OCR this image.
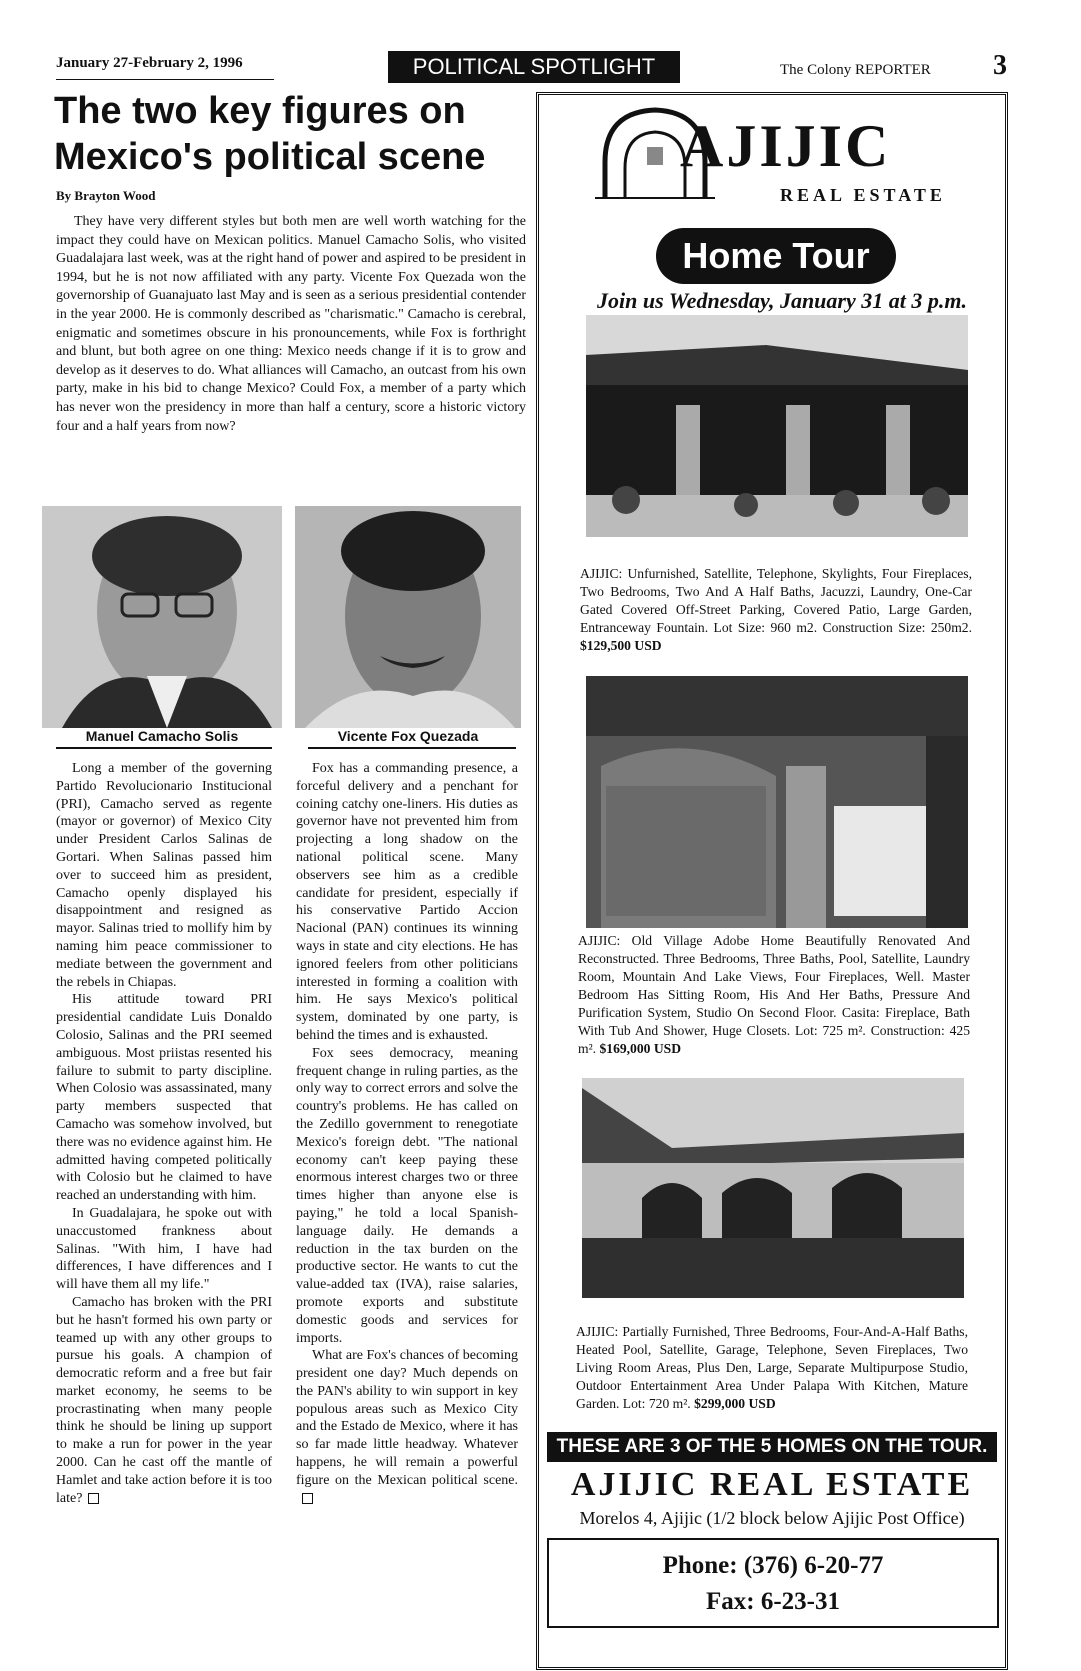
January 27-February 2, 1996	POLITICAL SPOTLIGHT	The Colony REPORTER 3
The two key figures on Mexico's political scene
By Brayton Wood
They have very different styles but both men are well worth watching for the impact they could have on Mexican politics. Manuel Camacho Solis, who visited Guadalajara last week, was at the right hand of power and aspired to be president in 1994, but he is not now affiliated with any party. Vicente Fox Quezada won the governorship of Guanajuato last May and is seen as a serious presidential contender in the year 2000. He is commonly described as "charismatic." Camacho is cerebral, enigmatic and sometimes obscure in his pronouncements, while Fox is forthright and blunt, but both agree on one thing: Mexico needs change if it is to grow and develop as it deserves to do. What alliances will Camacho, an outcast from his own party, make in his bid to change Mexico? Could Fox, a member of a party which has never won the presidency in more than half a century, score a historic victory four and a half years from now?
Manuel Camacho Solis	Vicente Fox Quezada

Long a member of the governing Partido Revolucionario Institucional (PRI), Camacho served as regente (mayor or governor) of Mexico City under President Carlos Salinas de Gortari. When Salinas passed him over to succeed him as president, Camacho openly displayed his disappointment and resigned as mayor. Salinas tried to mollify him by naming him peace commissioner to mediate between the government and the rebels in Chiapas.

His attitude toward PRI presidential candidate Luis Donaldo Colosio, Salinas and the PRI seemed ambiguous. Most priistas resented his failure to submit to party discipline. When Colosio was assassinated, many party members suspected that Camacho was somehow involved, but there was no evidence against him. He admitted having competed politically with Colosio but he claimed to have reached an understanding with him.

In Guadalajara, he spoke out with unaccustomed frankness about Salinas. "With him, I have had differences, I have differences and I will have them all my life."

Camacho has broken with the PRI but he hasn't formed his own party or teamed up with any other groups to pursue his goals. A champion of democratic reform and a free but fair market economy, he seems to be procrastinating when many people think he should be lining up support to make a run for power in the year 2000. Can he cast off the mantle of Hamlet and take action before it is too late?

Fox has a commanding presence, a forceful delivery and a penchant for coining catchy one-liners. His duties as governor have not prevented him from projecting a long shadow on the national political scene. Many observers see him as a credible candidate for president, especially if his conservative Partido Accion Nacional (PAN) continues its winning ways in state and city elections. He has ignored feelers from other politicians interested in forming a coalition with him. He says Mexico's political system, dominated by one party, is behind the times and is exhausted.

Fox sees democracy, meaning frequent change in ruling parties, as the only way to correct errors and solve the country's problems. He has called on the Zedillo government to renegotiate Mexico's foreign debt. "The national economy can't keep paying these enormous interest charges two or three times higher than anyone else is paying," he told a local Spanish-language daily. He demands a reduction in the tax burden on the productive sector. He wants to cut the value-added tax (IVA), raise salaries, promote exports and substitute domestic goods and services for imports.

What are Fox's chances of becoming president one day? Much depends on the PAN's ability to win support in key populous areas such as Mexico City and the Estado de Mexico, where it has so far made little headway. Whatever happens, he will remain a powerful figure on the Mexican political scene.

AJIJIC
REAL ESTATE
Home Tour
Join us Wednesday, January 31 at 3 p.m.
AJIJIC: Unfurnished, Satellite, Telephone, Skylights, Four Fireplaces, Two Bedrooms, Two And A Half Baths, Jacuzzi, Laundry, One-Car Gated Covered Off-Street Parking, Covered Patio, Large Garden, Entranceway Fountain. Lot Size: 960 m2. Construction Size: 250m2. $129,500 USD
AJIJIC: Old Village Adobe Home Beautifully Renovated And Reconstructed. Three Bedrooms, Three Baths, Pool, Satellite, Laundry Room, Mountain And Lake Views, Four Fireplaces, Well. Master Bedroom Has Sitting Room, His And Her Baths, Pressure And Purification System, Studio On Second Floor. Casita: Fireplace, Bath With Tub And Shower, Huge Closets. Lot: 725 m². Construction: 425 m². $169,000 USD
AJIJIC: Partially Furnished, Three Bedrooms, Four-And-A-Half Baths, Heated Pool, Satellite, Garage, Telephone, Seven Fireplaces, Two Living Room Areas, Plus Den, Large, Separate Multipurpose Studio, Outdoor Entertainment Area Under Palapa With Kitchen, Mature Garden. Lot: 720 m². $299,000 USD
THESE ARE 3 OF THE 5 HOMES ON THE TOUR.
AJIJIC REAL ESTATE
Morelos 4, Ajijic (1/2 block below Ajijic Post Office)
Phone: (376) 6-20-77
Fax: 6-23-31
